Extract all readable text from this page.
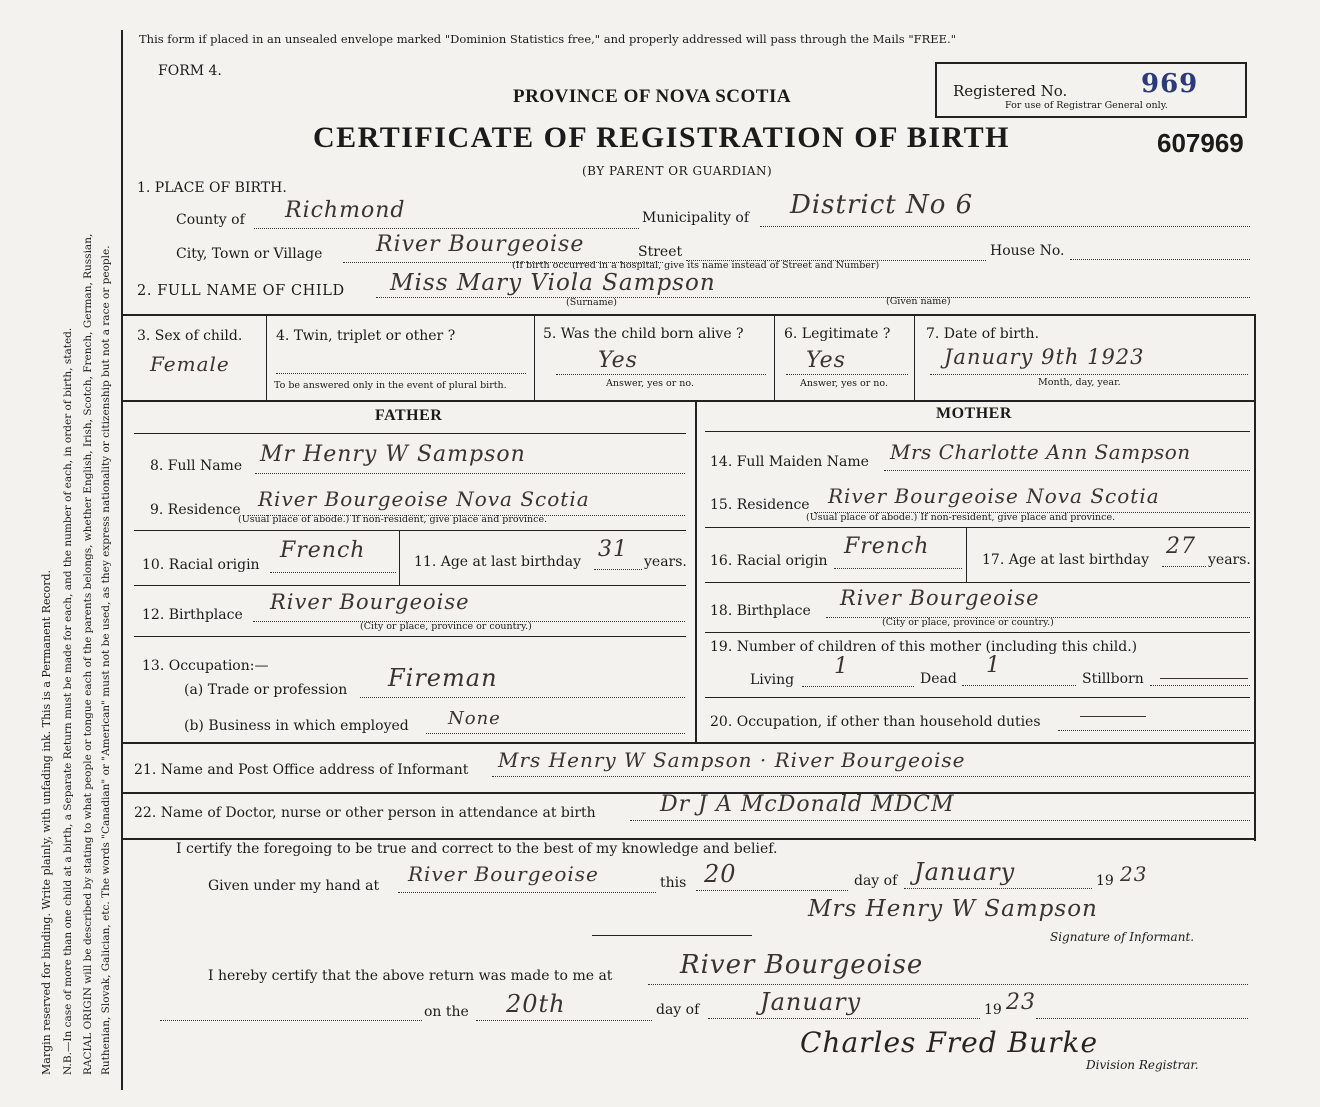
Margin reserved for binding. Write plainly, with unfading ink. This is a Permanent Record. N.B.—In case of more than one child at a birth, a Separate Return must be made for each, and the number of each, in order of birth, stated. RACIAL ORIGIN will be described by stating to what people or tongue each of the parents belongs, whether English, Irish, Scotch, French, German, Russian, Ruthenian, Slovak, Galician, etc. The words "Canadian" or "American" must not be used, as they express nationality or citizenship but not a race or people.
This form if placed in an unsealed envelope marked "Dominion Statistics free," and properly addressed will pass through the Mails "FREE."
FORM 4.
PROVINCE OF NOVA SCOTIA
CERTIFICATE OF REGISTRATION OF BIRTH
(BY PARENT OR GUARDIAN)
Registered No.	969
For use of Registrar General only.
607969
1. PLACE OF BIRTH.
County of Richmond	Municipality of District No 6
City, Town or Village River Bourgeoise	Street	House No.
(If birth occurred in a hospital, give its name instead of Street and Number)
2. FULL NAME OF CHILD Miss Mary Viola Sampson
(Surname)	(Given name)
3. Sex of child.
Female
4. Twin, triplet or other ?
To be answered only in the event of plural birth.
5. Was the child born alive ?
Yes
Answer, yes or no.
6. Legitimate ?
Yes
Answer, yes or no.
7. Date of birth.
January 9th 1923
Month, day, year.
FATHER	MOTHER
8. Full Name Mr Henry W Sampson
9. Residence River Bourgeoise Nova Scotia
(Usual place of abode.) If non-resident, give place and province.
10. Racial origin
French	11. Age at last birthday 31 years.
12. Birthplace
River Bourgeoise
(City or place, province or country.)
13. Occupation:—
(a) Trade or profession Fireman
(b) Business in which employed None
14. Full Maiden Name Mrs Charlotte Ann Sampson
15. Residence River Bourgeoise Nova Scotia
(Usual place of abode.) If non-resident, give place and province.
16. Racial origin
French
17. Age at last birthday
27
years.
18. Birthplace
River Bourgeoise
(City or place, province or country.)
19. Number of children of this mother (including this child.)
Living
1	Dead
1
Stillborn
20. Occupation, if other than household duties
21. Name and Post Office address of Informant Mrs Henry W Sampson · River Bourgeoise
22. Name of Doctor, nurse or other person in attendance at birth	Dr J A McDonald MDCM
I certify the foregoing to be true and correct to the best of my knowledge and belief.
Given under my hand at River Bourgeoise	this 20	day of January	19 23
Mrs Henry W Sampson
Signature of Informant.
I hereby certify that the above return was made to me at	River Bourgeoise
on the 20th	day of	January	19 23
Charles Fred Burke
Division Registrar.
